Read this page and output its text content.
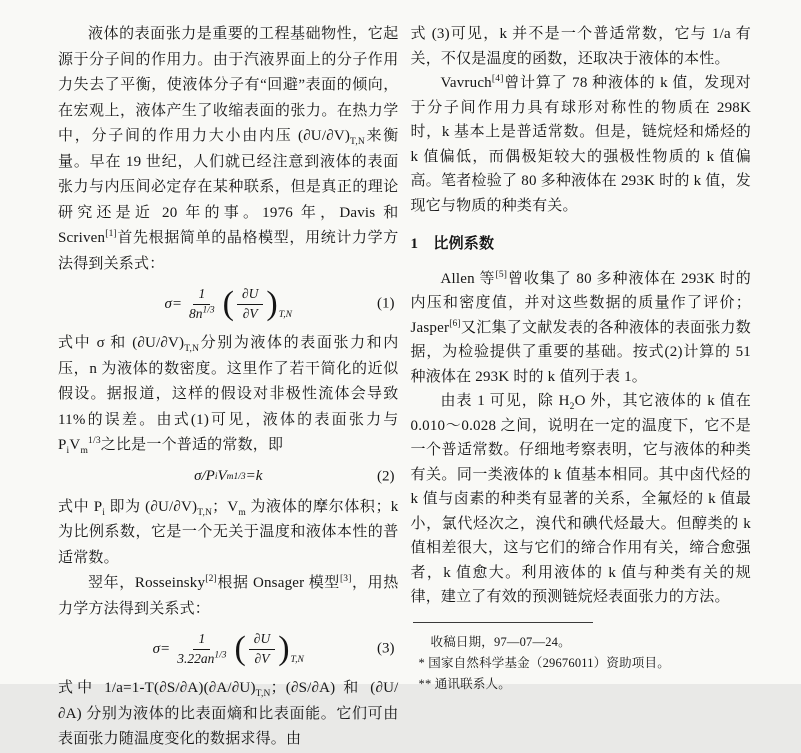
液体的表面张力是重要的工程基础物性，它起源于分子间的作用力。由于汽液界面上的分子作用力失去了平衡，使液体分子有“回避”表面的倾向，在宏观上，液体产生了收缩表面的张力。在热力学中，分子间的作用力大小由内压 $(\partial U/\partial V)_{T,N}$来衡量。早在 19 世纪，人们就已经注意到液体的表面张力与内压间必定存在某种联系，但是真正的理论研究还是近 20 年的事。1976 年，Davis 和 Scriven[1]首先根据简单的晶格模型，用统计力学方法得到关系式：

$\sigma= \frac{1}{8n^{1/3}}$ ( $\frac{\partial U}{\partial V}$ ) T,N
(1)

式中 σ 和 $(\partial U/\partial V)_{T,N}$分别为液体的表面张力和内压，n 为液体的数密度。这里作了若干简化的近似假设。据报道，这样的假设对非极性流体会导致 11%的误差。由式(1)可见，液体的表面张力与 $P_iV_m^{1/3}$之比是一个普适的常数，即

σ/P i V m 1/3 =k	(2)

式中 $P_i$ 即为 $(\partial U/\partial V)_{T,N}$；$V_m$ 为液体的摩尔体积；k 为比例系数，它是一个无关于温度和液体本性的普适常数。

翌年，Rosseinsky[2]根据 Onsager 模型[3]，用热力学方法得到关系式：

$\sigma= \frac{1}{3.22an^{1/3}}$ ( $\frac{\partial U}{\partial V}$ ) T,N
(3)

式中 $1/a=1-T(\partial S/\partial A)(\partial A/\partial U)_{T,N}$；(∂S/∂A) 和 (∂U/∂A) 分别为液体的比表面熵和比表面能。它们可由表面张力随温度变化的数据求得。由

式 (3)可见，k 并不是一个普适常数，它与 1/a 有关，不仅是温度的函数，还取决于液体的本性。

Vavruch[4]曾计算了 78 种液体的 k 值，发现对于分子间作用力具有球形对称性的物质在 298K 时，k 基本上是普适常数。但是，链烷烃和烯烃的 k 值偏低，而偶极矩较大的强极性物质的 k 值偏高。笔者检验了 80 多种液体在 293K 时的 k 值，发现它与物质的种类有关。

1　比例系数

Allen 等[5]曾收集了 80 多种液体在 293K 时的内压和密度值，并对这些数据的质量作了评价；Jasper[6]又汇集了文献发表的各种液体的表面张力数据，为检验提供了重要的基础。按式(2)计算的 51 种液体在 293K 时的 k 值列于表 1。

由表 1 可见，除 $H_2O$ 外，其它液体的 k 值在 0.010～0.028 之间，说明在一定的温度下，它不是一个普适常数。仔细地考察表明，它与液体的种类有关。同一类液体的 k 值基本相同。其中卤代烃的 k 值与卤素的种类有显著的关系，全氟烃的 k 值最小，氯代烃次之，溴代和碘代烃最大。但醇类的 k 值相差很大，这与它们的缔合作用有关，缔合愈强者，k 值愈大。利用液体的 k 值与种类有关的规律，建立了有效的预测链烷烃表面张力的方法。

收稿日期，97—07—24。

* 国家自然科学基金（29676011）资助项目。

** 通讯联系人。
